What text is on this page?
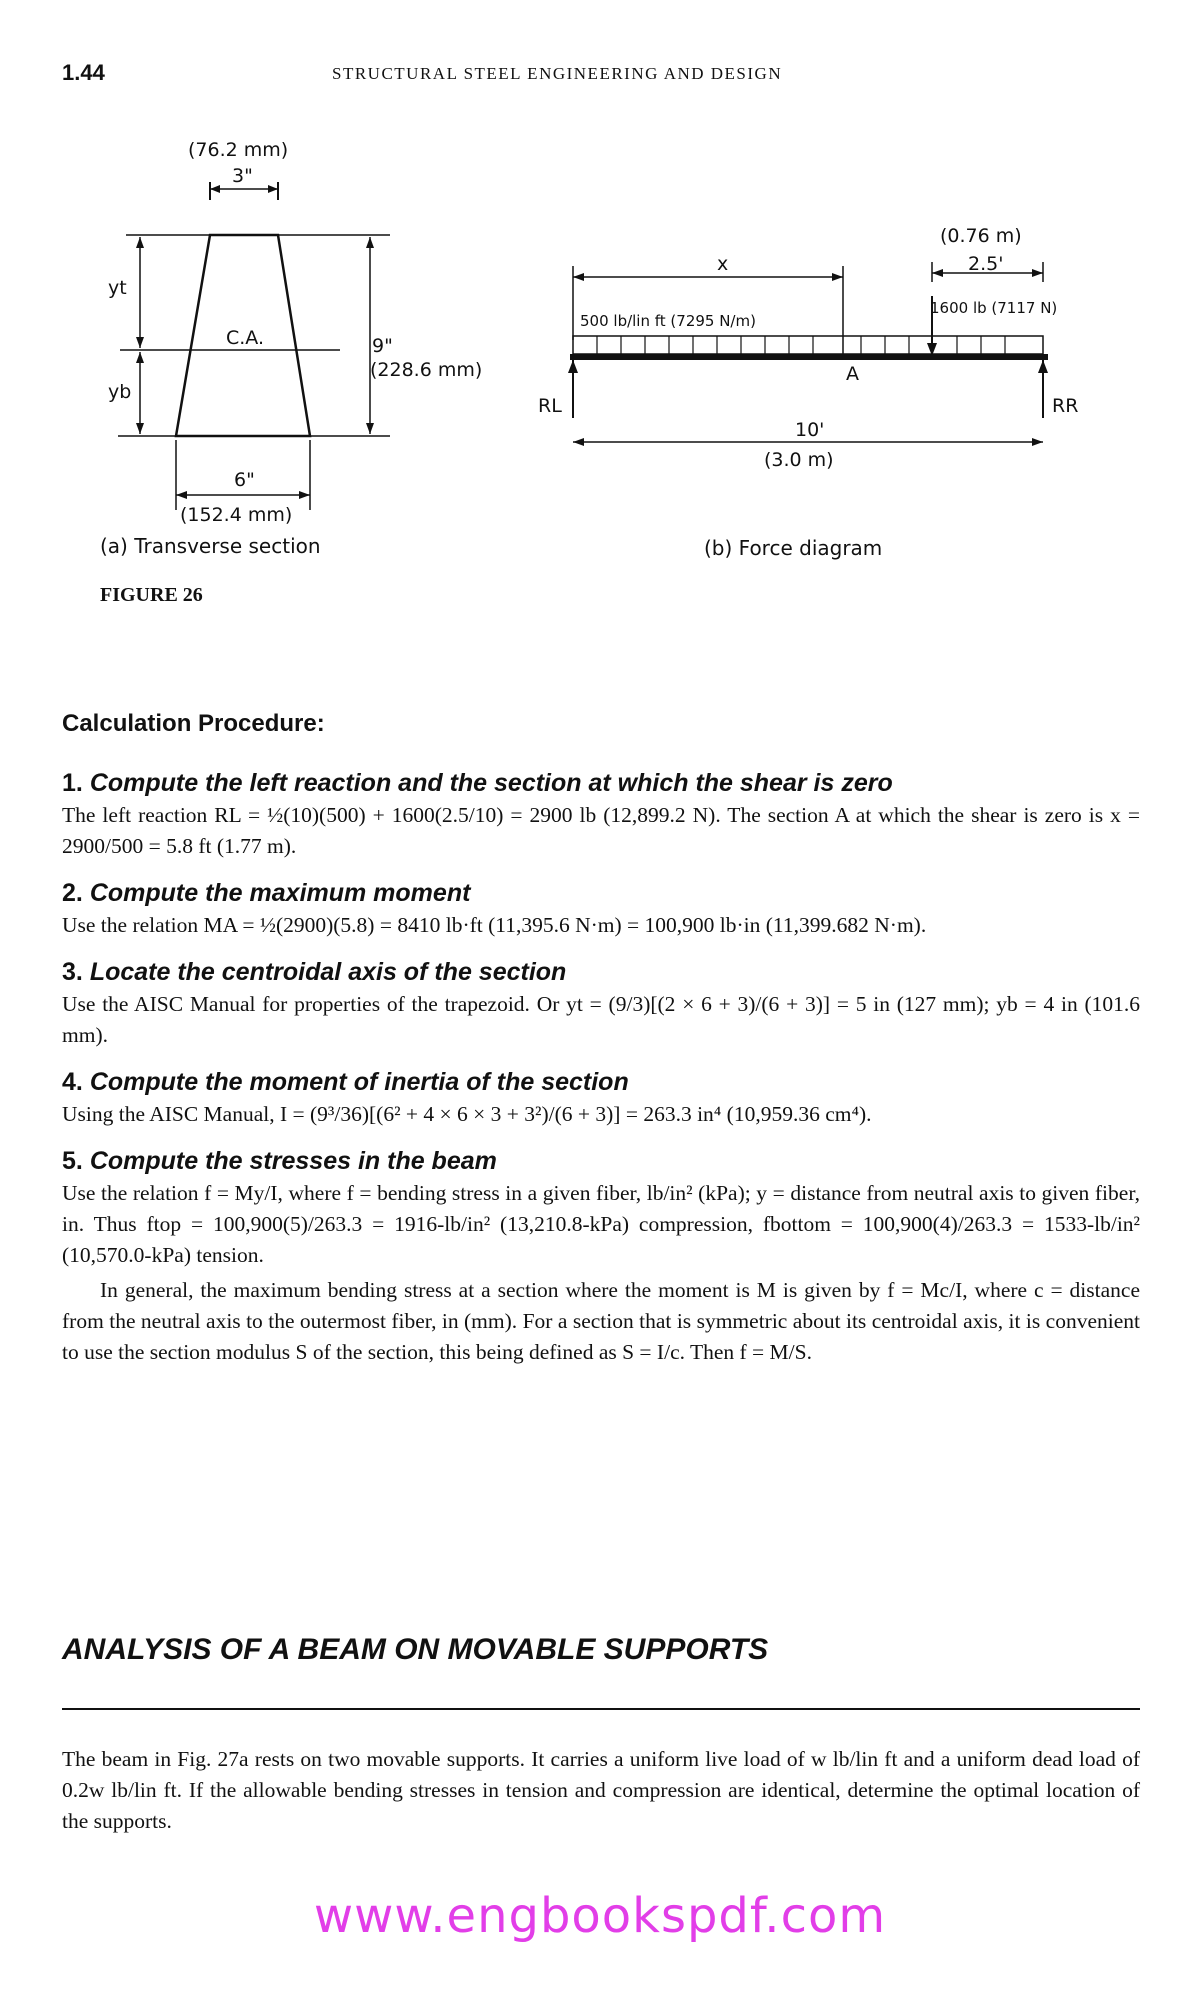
1.44	STRUCTURAL STEEL ENGINEERING AND DESIGN
(76.2 mm)
3"
C.A.
yt
yb
9"
(228.6 mm)
6"
(152.4 mm)
(a) Transverse section
(0.76 m)
2.5'
x
500 lb/lin ft (7295 N/m)
1600 lb (7117 N)
A
RL	RR
10'
(3.0 m)
(b) Force diagram
FIGURE 26
Calculation Procedure:

1. Compute the left reaction and the section at which the shear is zero

The left reaction RL = ½(10)(500) + 1600(2.5/10) = 2900 lb (12,899.2 N). The section A at which the shear is zero is x = 2900/500 = 5.8 ft (1.77 m).

2. Compute the maximum moment

Use the relation MA = ½(2900)(5.8) = 8410 lb·ft (11,395.6 N·m) = 100,900 lb·in (11,399.682 N·m).

3. Locate the centroidal axis of the section

Use the AISC Manual for properties of the trapezoid. Or yt = (9/3)[(2 × 6 + 3)/(6 + 3)] = 5 in (127 mm); yb = 4 in (101.6 mm).

4. Compute the moment of inertia of the section

Using the AISC Manual, I = (9³/36)[(6² + 4 × 6 × 3 + 3²)/(6 + 3)] = 263.3 in⁴ (10,959.36 cm⁴).

5. Compute the stresses in the beam

Use the relation f = My/I, where f = bending stress in a given fiber, lb/in² (kPa); y = distance from neutral axis to given fiber, in. Thus ftop = 100,900(5)/263.3 = 1916-lb/in² (13,210.8-kPa) compression, fbottom = 100,900(4)/263.3 = 1533-lb/in² (10,570.0-kPa) tension.

In general, the maximum bending stress at a section where the moment is M is given by f = Mc/I, where c = distance from the neutral axis to the outermost fiber, in (mm). For a section that is symmetric about its centroidal axis, it is convenient to use the section modulus S of the section, this being defined as S = I/c. Then f = M/S.

ANALYSIS OF A BEAM ON MOVABLE SUPPORTS

The beam in Fig. 27a rests on two movable supports. It carries a uniform live load of w lb/lin ft and a uniform dead load of 0.2w lb/lin ft. If the allowable bending stresses in tension and compression are identical, determine the optimal location of the supports.

www.engbookspdf.com
